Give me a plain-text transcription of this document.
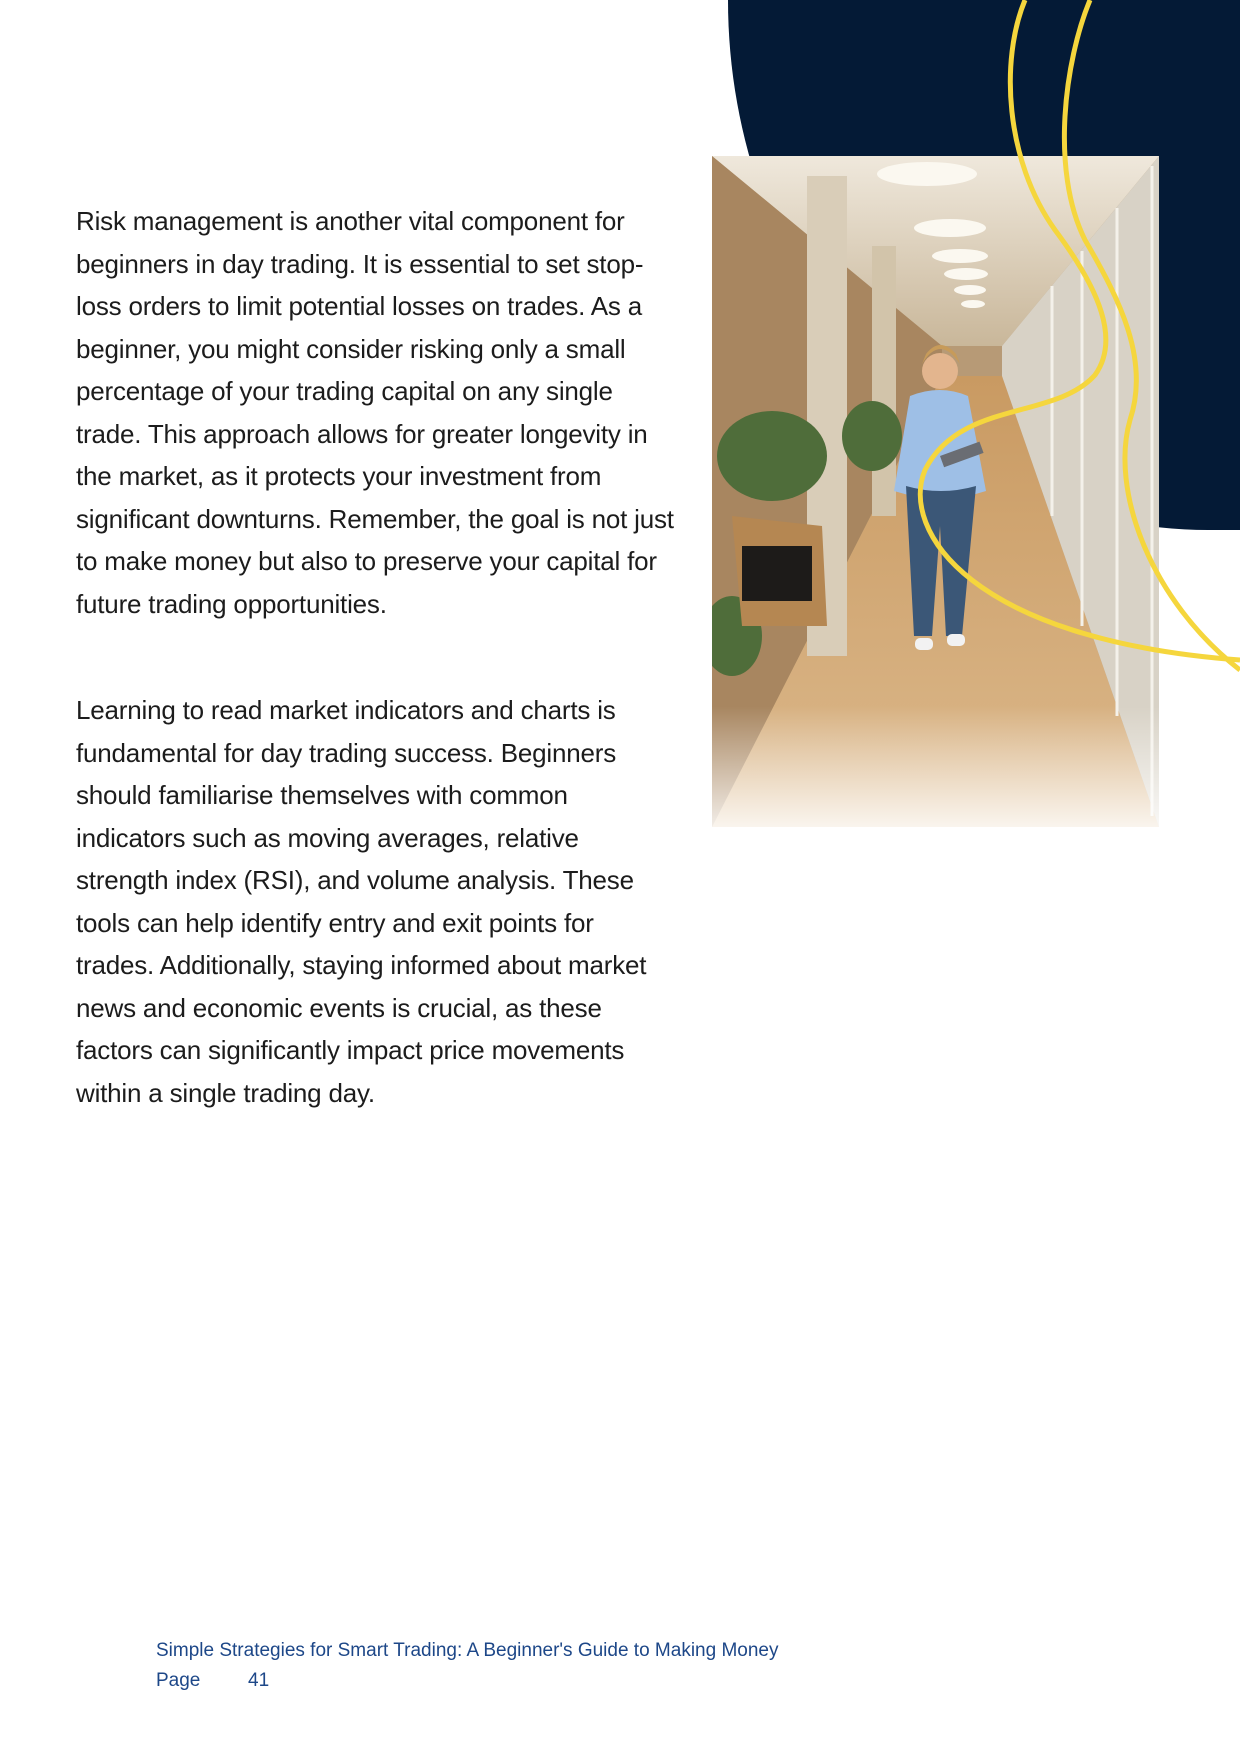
Risk management is another vital component for beginners in day trading. It is essential to set stop-loss orders to limit potential losses on trades. As a beginner, you might consider risking only a small percentage of your trading capital on any single trade. This approach allows for greater longevity in the market, as it protects your investment from significant downturns. Remember, the goal is not just to make money but also to preserve your capital for future trading opportunities.

Learning to read market indicators and charts is fundamental for day trading success. Beginners should familiarise themselves with common indicators such as moving averages, relative strength index (RSI), and volume analysis. These tools can help identify entry and exit points for trades. Additionally, staying informed about market news and economic events is crucial, as these factors can significantly impact price movements within a single trading day.

Simple Strategies for Smart Trading: A Beginner's Guide to Making Money
Page	41
